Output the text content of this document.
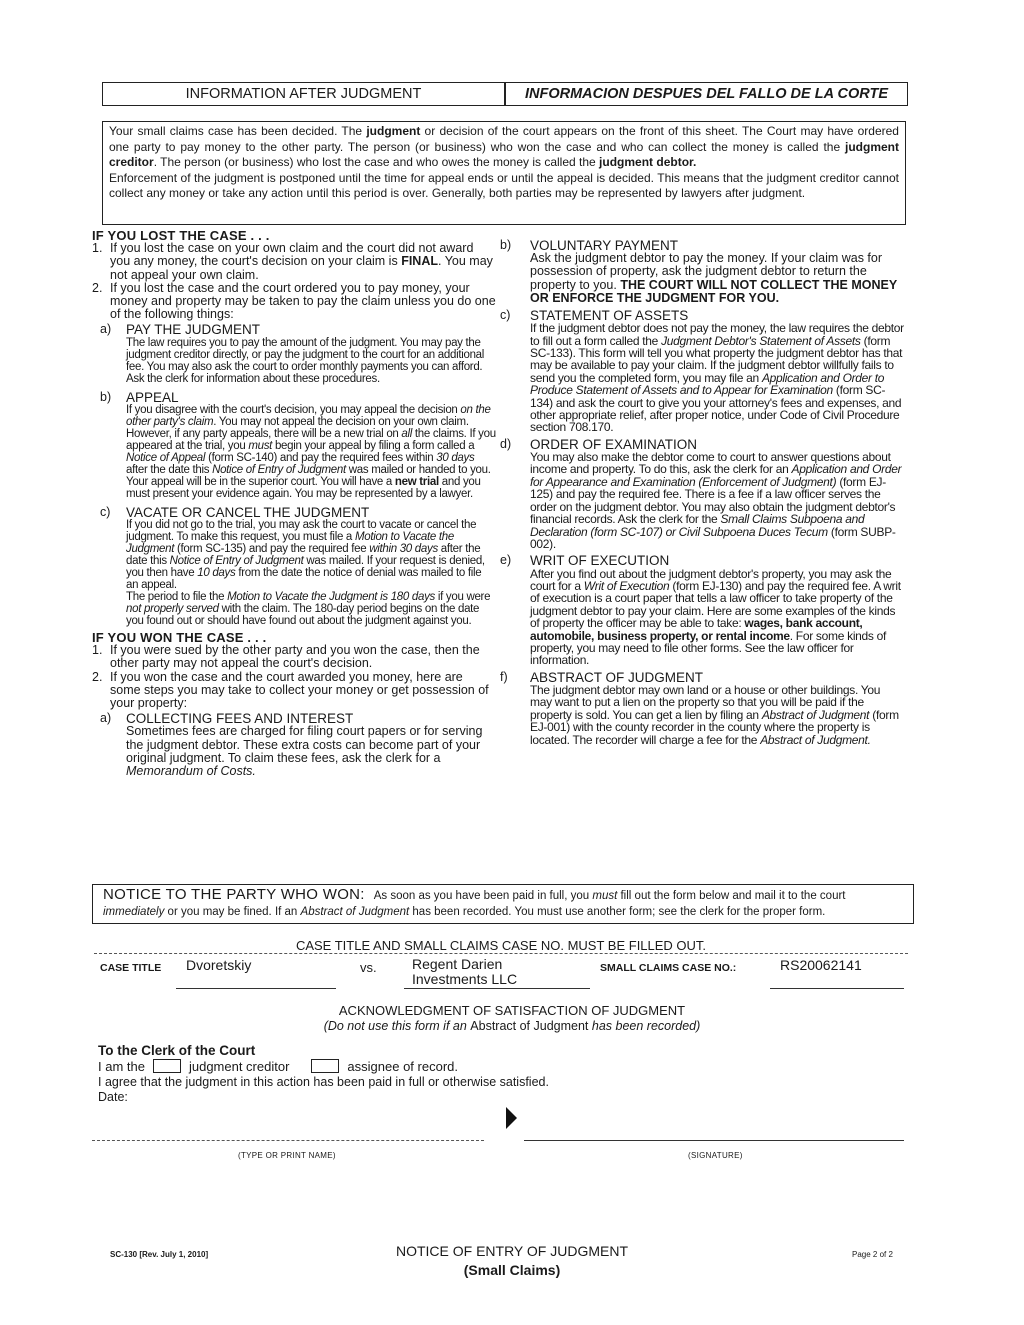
INFORMATION AFTER JUDGMENT	INFORMACION DESPUES DEL FALLO DE LA CORTE

Your small claims case has been decided. The judgment or decision of the court appears on the front of this sheet. The Court may have ordered one party to pay money to the other party. The person (or business) who won the case and who can collect the money is called the judgment creditor. The person (or business) who lost the case and who owes the money is called the judgment debtor.

Enforcement of the judgment is postponed until the time for appeal ends or until the appeal is decided. This means that the judgment creditor cannot collect any money or take any action until this period is over. Generally, both parties may be represented by lawyers after judgment.

IF YOU LOST THE CASE . . .
1. If you lost the case on your own claim and the court did not award you any money, the court's decision on your claim is FINAL. You may not appeal your own claim.
2. If you lost the case and the court ordered you to pay money, your money and property may be taken to pay the claim unless you do one of the following things:
a)	PAY THE JUDGMENT
The law requires you to pay the amount of the judgment. You may pay the judgment creditor directly, or pay the judgment to the court for an additional fee. You may also ask the court to order monthly payments you can afford.
Ask the clerk for information about these procedures.
b)	APPEAL
If you disagree with the court's decision, you may appeal the decision on the other party's claim. You may not appeal the decision on your own claim. However, if any party appeals, there will be a new trial on all the claims. If you appeared at the trial, you must begin your appeal by filing a form called a Notice of Appeal (form SC-140) and pay the required fees within 30 days after the date this Notice of Entry of Judgment was mailed or handed to you. Your appeal will be in the superior court. You will have a new trial and you must present your evidence again. You may be represented by a lawyer.
c)	VACATE OR CANCEL THE JUDGMENT
If you did not go to the trial, you may ask the court to vacate or cancel the judgment. To make this request, you must file a Motion to Vacate the Judgment (form SC-135) and pay the required fee within 30 days after the date this Notice of Entry of Judgment was mailed. If your request is denied, you then have 10 days from the date the notice of denial was mailed to file an appeal.
The period to file the Motion to Vacate the Judgment is 180 days if you were not properly served with the claim. The 180-day period begins on the date you found out or should have found out about the judgment against you.
IF YOU WON THE CASE . . .
1. If you were sued by the other party and you won the case, then the other party may not appeal the court's decision.
2. If you won the case and the court awarded you money, here are some steps you may take to collect your money or get possession of your property:
a)	COLLECTING FEES AND INTEREST
Sometimes fees are charged for filing court papers or for serving the judgment debtor. These extra costs can become part of your original judgment. To claim these fees, ask the clerk for a Memorandum of Costs.
b)	VOLUNTARY PAYMENT
Ask the judgment debtor to pay the money. If your claim was for possession of property, ask the judgment debtor to return the property to you. THE COURT WILL NOT COLLECT THE MONEY OR ENFORCE THE JUDGMENT FOR YOU.
c)	STATEMENT OF ASSETS
If the judgment debtor does not pay the money, the law requires the debtor to fill out a form called the Judgment Debtor's Statement of Assets (form SC-133). This form will tell you what property the judgment debtor has that may be available to pay your claim. If the judgment debtor willfully fails to send you the completed form, you may file an Application and Order to Produce Statement of Assets and to Appear for Examination (form SC-134) and ask the court to give you your attorney's fees and expenses, and other appropriate relief, after proper notice, under Code of Civil Procedure section 708.170.
d)	ORDER OF EXAMINATION
You may also make the debtor come to court to answer questions about income and property. To do this, ask the clerk for an Application and Order for Appearance and Examination (Enforcement of Judgment) (form EJ-125) and pay the required fee. There is a fee if a law officer serves the order on the judgment debtor. You may also obtain the judgment debtor's financial records. Ask the clerk for the Small Claims Subpoena and Declaration (form SC-107) or Civil Subpoena Duces Tecum (form SUBP-002).
e)	WRIT OF EXECUTION
After you find out about the judgment debtor's property, you may ask the court for a Writ of Execution (form EJ-130) and pay the required fee. A writ of execution is a court paper that tells a law officer to take property of the judgment debtor to pay your claim. Here are some examples of the kinds of property the officer may be able to take: wages, bank account, automobile, business property, or rental income. For some kinds of property, you may need to file other forms. See the law officer for information.
f)	ABSTRACT OF JUDGMENT
The judgment debtor may own land or a house or other buildings. You may want to put a lien on the property so that you will be paid if the property is sold. You can get a lien by filing an Abstract of Judgment (form EJ-001) with the county recorder in the county where the property is located. The recorder will charge a fee for the Abstract of Judgment.
NOTICE TO THE PARTY WHO WON: As soon as you have been paid in full, you must fill out the form below and mail it to the court immediately or you may be fined. If an Abstract of Judgment has been recorded. You must use another form; see the clerk for the proper form.
CASE TITLE AND SMALL CLAIMS CASE NO. MUST BE FILLED OUT.
CASE TITLE Dvoretskiy	vs.	Regent Darien
Investments LLC
SMALL CLAIMS CASE NO.:	RS20062141
ACKNOWLEDGMENT OF SATISFACTION OF JUDGMENT
(Do not use this form if an Abstract of Judgment has been recorded)
To the Clerk of the Court
I am the	judgment creditor	assignee of record.
I agree that the judgment in this action has been paid in full or otherwise satisfied.
Date:
(TYPE OR PRINT NAME)	(SIGNATURE)
SC-130 [Rev. July 1, 2010]	NOTICE OF ENTRY OF JUDGMENT
(Small Claims)
Page 2 of 2
